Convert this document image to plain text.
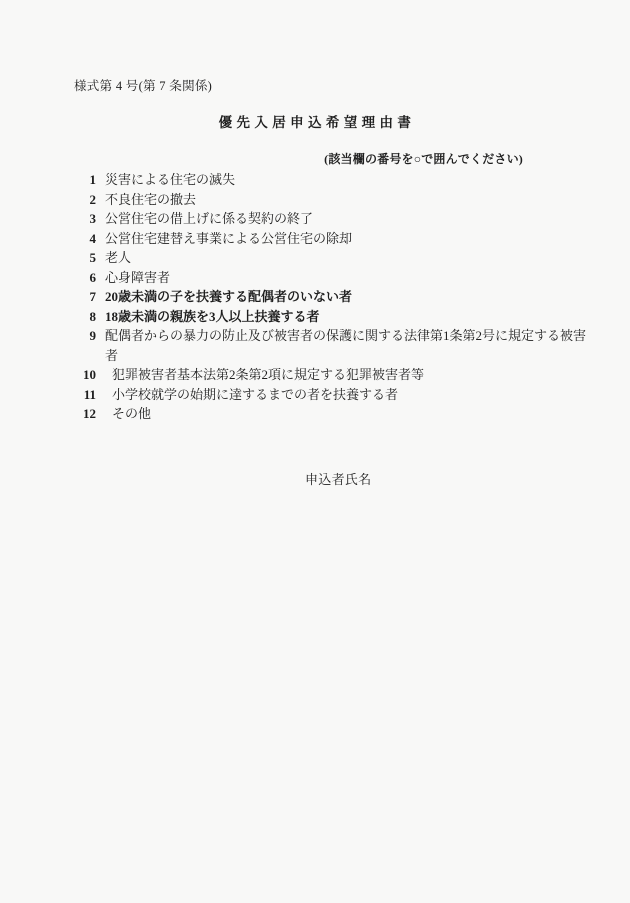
様式第 4 号(第 7 条関係)
優 先 入 居 申 込 希 望 理 由 書
(該当欄の番号を○で囲んでください)
1 災害による住宅の滅失
2 不良住宅の撤去
3 公営住宅の借上げに係る契約の終了
4 公営住宅建替え事業による公営住宅の除却
5 老人
6 心身障害者
7 20歳未満の子を扶養する配偶者のいない者
8 18歳未満の親族を3人以上扶養する者
9 配偶者からの暴力の防止及び被害者の保護に関する法律第1条第2号に規定する被害者
10 犯罪被害者基本法第2条第2項に規定する犯罪被害者等
11 小学校就学の始期に達するまでの者を扶養する者
12 その他
申込者氏名
